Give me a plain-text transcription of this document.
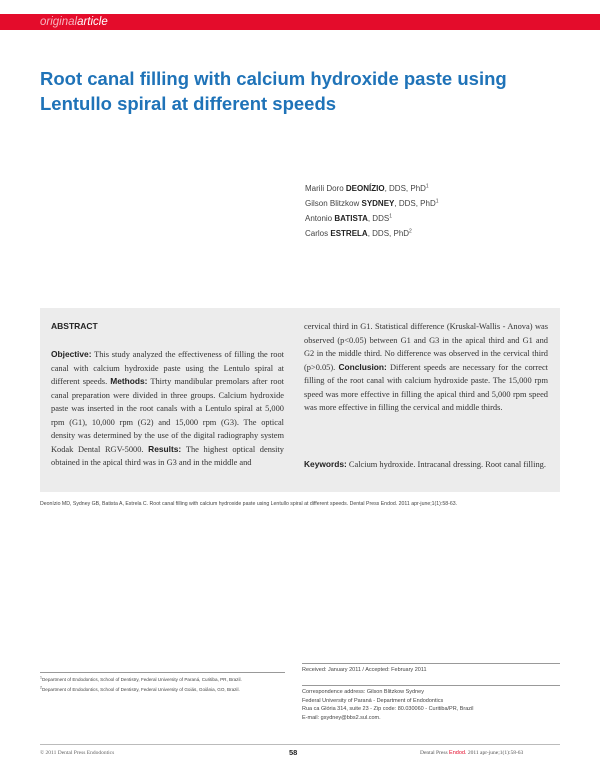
originalarticle
Root canal filling with calcium hydroxide paste using Lentullo spiral at different speeds
Marili Doro DEONÍZIO, DDS, PhD$^1$
Gilson Blitzkow SYDNEY, DDS, PhD$^1$
Antonio BATISTA, DDS$^1$
Carlos ESTRELA, DDS, PhD$^2$
ABSTRACT
Objective: This study analyzed the effectiveness of filling the root canal with calcium hydroxide paste using the Lentulo spiral at different speeds. Methods: Thirty mandibular premolars after root canal preparation were divided in three groups. Calcium hydroxide paste was inserted in the root canals with a Lentulo spiral at 5,000 rpm (G1), 10,000 rpm (G2) and 15,000 rpm (G3). The optical density was determined by the use of the digital radiography system Kodak Dental RGV-5000. Results: The highest optical density obtained in the apical third was in G3 and in the middle and
cervical third in G1. Statistical difference (Kruskal-Wallis - Anova) was observed (p<0.05) between G1 and G3 in the apical third and G1 and G2 in the middle third. No difference was observed in the cervical third (p>0.05). Conclusion: Different speeds are necessary for the correct filling of the root canal with calcium hydroxide paste. The 15,000 rpm speed was more effective in filling the apical third and 5,000 rpm speed was more effective in filling the cervical and middle thirds.
Keywords: Calcium hydroxide. Intracanal dressing. Root canal filling.
Deonízio MD, Sydney GB, Batista A, Estrela C. Root canal filling with calcium hydroxide paste using Lentullo spiral at different speeds. Dental Press Endod. 2011 apr-june;1(1):58-63.
$^1$Department of Endodontics, School of Dentistry, Federal University of Paraná, Curitiba, PR, Brazil.
$^2$Department of Endodontics, School of Dentistry, Federal University of Goiás, Goiânia, GO, Brazil.
Received: January 2011 / Accepted: February 2011
Correspondence address: Gilson Blitzkow Sydney
Federal University of Paraná - Department of Endodontics
Rua ca Glória 314, suite 23 - Zip code: 80.030060 - Curitiba/PR, Brazil
E-mail: gsydney@bbs2.sul.com.
© 2011 Dental Press Endodontics	58	Dental Press Endod. 2011 apr-june;1(1):58-63
